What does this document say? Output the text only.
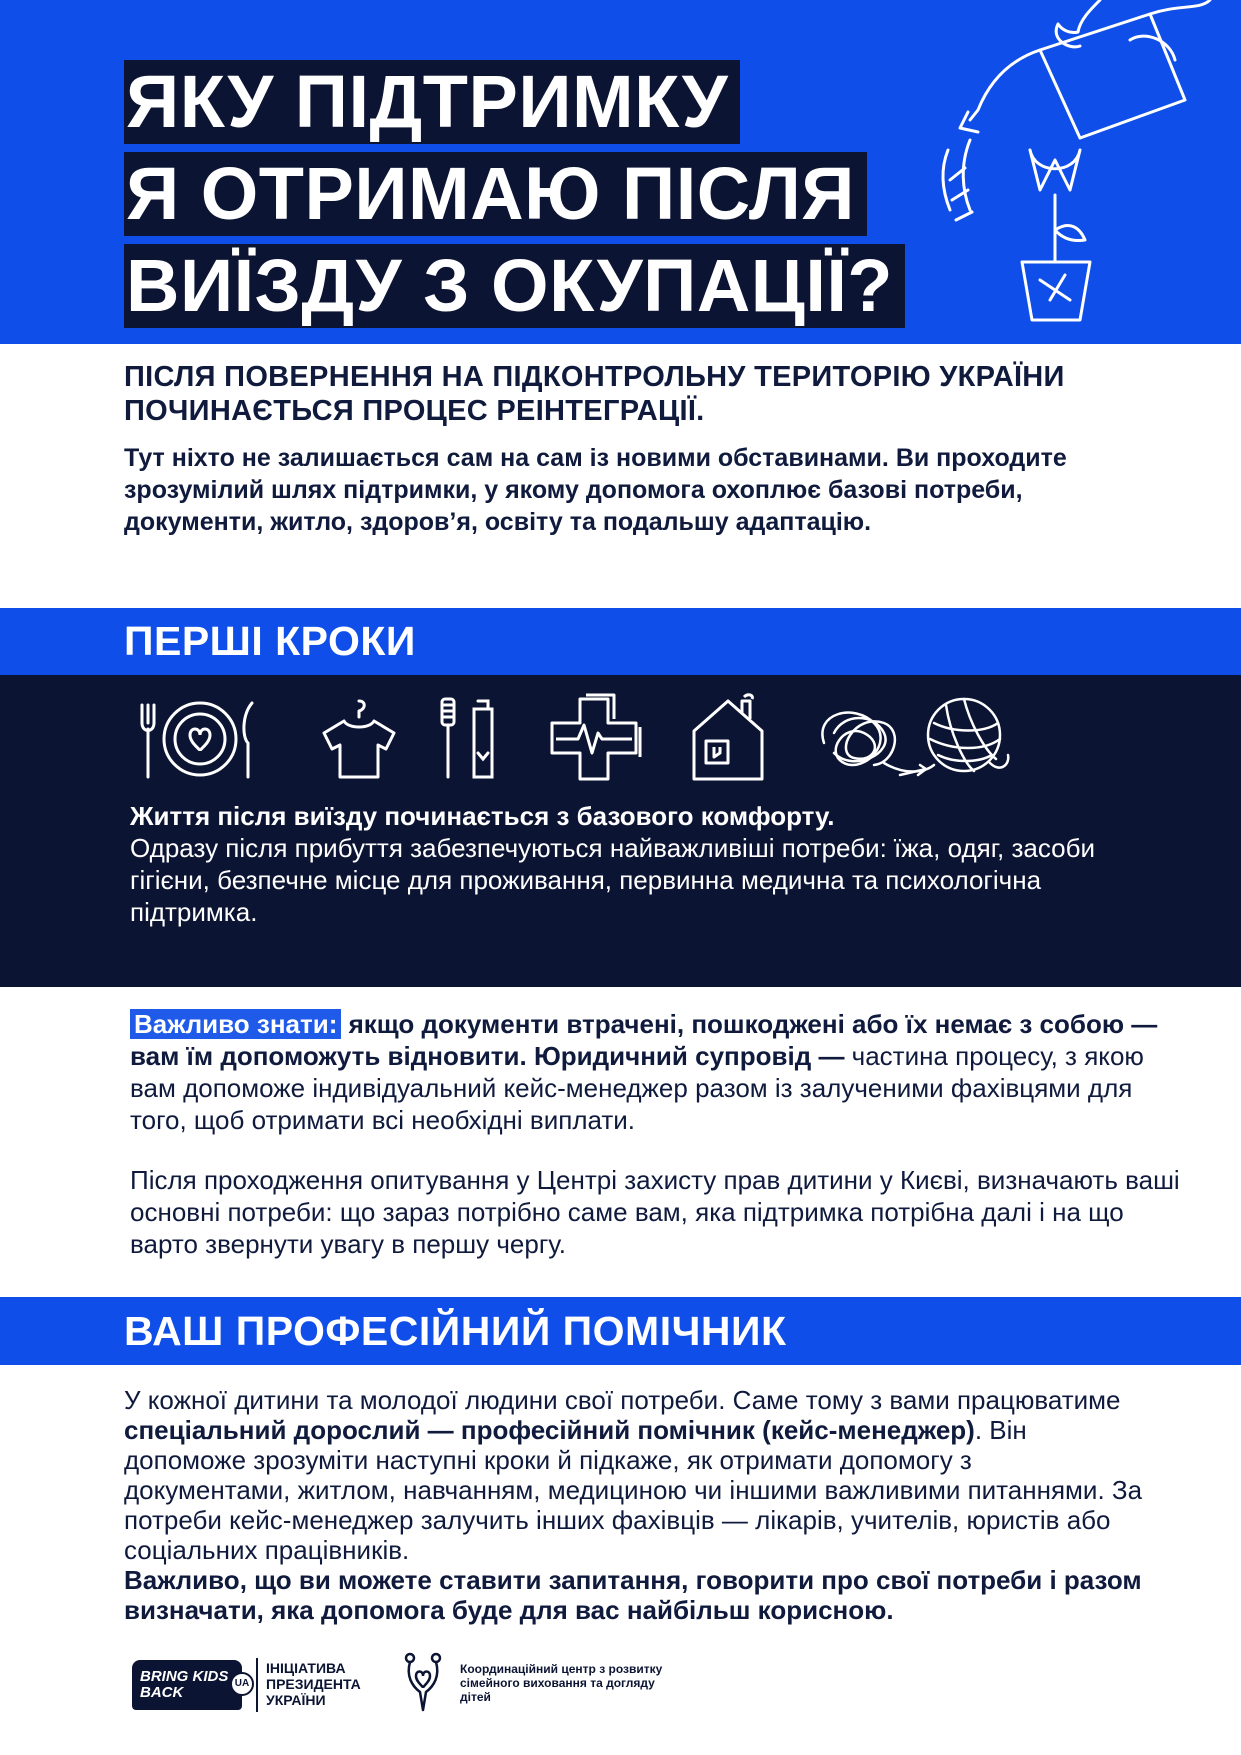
ЯКУ ПІДТРИМКУ
Я ОТРИМАЮ ПІСЛЯ
ВИЇЗДУ З ОКУПАЦІЇ?
ПІСЛЯ ПОВЕРНЕННЯ НА ПІДКОНТРОЛЬНУ ТЕРИТОРІЮ УКРАЇНИ ПОЧИНАЄТЬСЯ ПРОЦЕС РЕІНТЕГРАЦІЇ.
Тут ніхто не залишається сам на сам із новими обставинами. Ви проходите зрозумілий шлях підтримки, у якому допомога охоплює базові потреби, документи, житло, здоров’я, освіту та подальшу адаптацію.
ПЕРШІ КРОКИ
Життя після виїзду починається з базового комфорту.
Одразу після прибуття забезпечуються найважливіші потреби: їжа, одяг, засоби гігієни, безпечне місце для проживання, первинна медична та психологічна підтримка.
Важливо знати: якщо документи втрачені, пошкоджені або їх немає з собою — вам їм допоможуть відновити. Юридичний супровід — частина процесу, з якою вам допоможе індивідуальний кейс-менеджер разом із залученими фахівцями для того, щоб отримати всі необхідні виплати.
Після проходження опитування у Центрі захисту прав дитини у Києві, визначають ваші основні потреби: що зараз потрібно саме вам, яка підтримка потрібна далі і на що варто звернути увагу в першу чергу.
ВАШ ПРОФЕСІЙНИЙ ПОМІЧНИК
У кожної дитини та молодої людини свої потреби. Саме тому з вами працюватиме спеціальний дорослий — професійний помічник (кейс-менеджер). Він допоможе зрозуміти наступні кроки й підкаже, як отримати допомогу з документами, житлом, навчанням, медициною чи іншими важливими питаннями. За потреби кейс-менеджер залучить інших фахівців — лікарів, учителів, юристів або соціальних працівників.
Важливо, що ви можете ставити запитання, говорити про свої потреби і разом визначати, яка допомога буде для вас найбільш корисною.
BRING KIDS BACK
UA
ІНІЦІАТИВА ПРЕЗИДЕНТА УКРАЇНИ
Координаційний центр з розвитку сімейного виховання та догляду дітей
